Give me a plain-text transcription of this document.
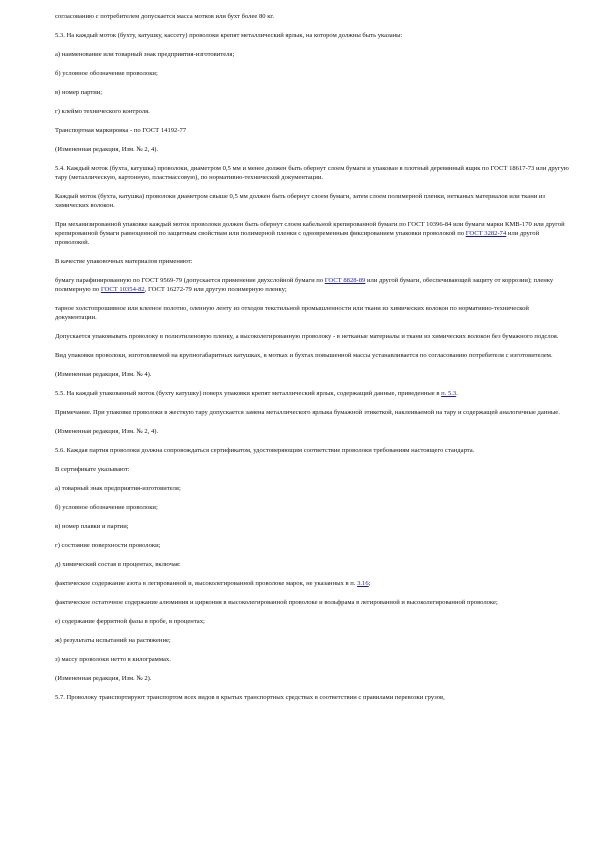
согласованию с потребителем допускается масса мотков или бухт более 80 кг.

5.3. На каждый моток (бухту, катушку, кассету) проволоки крепят металлический ярлык, на котором должны быть указаны:

а) наименование или товарный знак предприятия-изготовителя;

б) условное обозначение проволоки;

в) номер партии;

г) клеймо технического контроля.

Транспортная маркировка - по ГОСТ 14192-77

(Измененная редакция, Изм. № 2, 4).

5.4. Каждый моток (бухта, катушка) проволоки, диаметром 0,5 мм и менее должен быть обернут слоем бумаги и упакован в плотный деревянный ящик по ГОСТ 18617-73 или другую тару (металлическую, картонную, пластмассовую), по нормативно-технической документации.

Каждый моток (бухта, катушка) проволоки диаметром свыше 0,5 мм должен быть обернут слоем бумаги, затем слоем полимерной пленки, нетканых материалов или ткани из химических волокон.

При механизированной упаковке каждый моток проволоки должен быть обернут слоем кабельной крепированной бумаги по ГОСТ 10396-84 или бумаги марки КМВ-170 или другой крепированной бумаги равноценной по защитным свойствам или полимерной пленки с одновременным фиксированием упаковки проволокой по ГОСТ 3282-74 или другой проволокой.

В качестве упаковочных материалов применяют:

бумагу парафинированную по ГОСТ 9569-79 (допускается применение двухслойной бумаги по ГОСТ 8828-89 или другой бумаги, обеспечивающей защиту от коррозии); пленку полимерную по ГОСТ 10354-82, ГОСТ 16272-79 или другую полимерную пленку;

тарное холстопрошивное или клееное полотно, оленную ленту из отходов текстильной промышленности или ткани из химических волокон по нормативно-технической документации.

Допускается упаковывать проволоку в полиэтиленовую пленку, а высоколегированную проволоку - в нетканые материалы и ткани из химических волокон без бумажного подслоя.

Вид упаковки проволоки, изготовляемой на крупногабаритных катушках, в мотках и бухтах повышенной массы устанавливается по согласованию потребителя с изготовителем.

(Измененная редакция, Изм. № 4).

5.5. На каждый упакованный моток (бухту катушку) поверх упаковки крепят металлический ярлык, содержащий данные, приведенные в п. 5.3.

Примечание. При упаковке проволоки в жесткую тару допускается замена металлического ярлыка бумажной этикеткой, наклеиваемой на тару и содержащей аналогичные данные.

(Измененная редакция, Изм. № 2, 4).

5.6. Каждая партия проволоки должна сопровождаться сертификатом, удостоверяющим соответствие проволоки требованиям настоящего стандарта.

В сертификате указывают:

а) товарный знак предприятия-изготовителя;

б) условное обозначение проволоки;

в) номер плавки и партии;

г) состояние поверхности проволоки;

д) химический состав в процентах, включая:

фактическое содержание азота в легированной и, высоколегированной проволоке марок, не указанных в п. 3.16;

фактическое остаточное содержание алюминия и циркония в высоколегированной проволоке и вольфрама в легированной и высоколегированной проволоке;

е) содержание ферритной фазы в пробе, в процентах;

ж) результаты испытаний на растяжение;

з) массу проволоки нетто в килограммах.

(Измененная редакция, Изм. № 2).

5.7. Проволоку транспортируют транспортом всех видов в крытых транспортных средствах в соответствии с правилами перевозки грузов,
